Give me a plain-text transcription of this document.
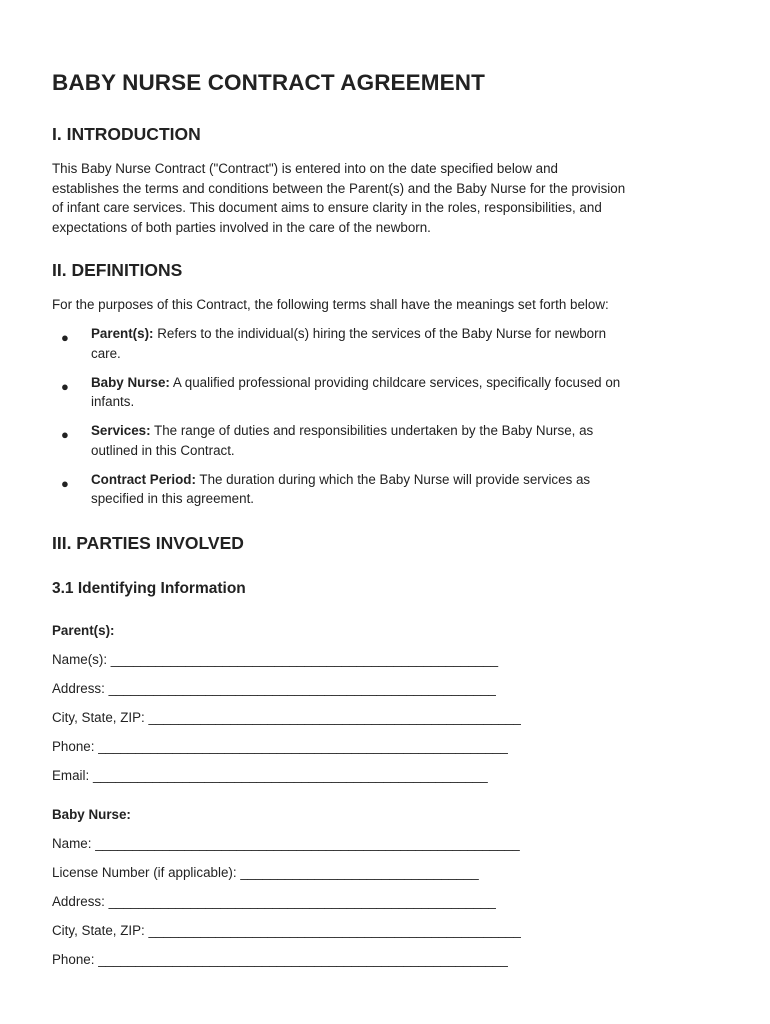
BABY NURSE CONTRACT AGREEMENT
I. INTRODUCTION

This Baby Nurse Contract ("Contract") is entered into on the date specified below and
establishes the terms and conditions between the Parent(s) and the Baby Nurse for the provision
of infant care services. This document aims to ensure clarity in the roles, responsibilities, and
expectations of both parties involved in the care of the newborn.

II. DEFINITIONS

For the purposes of this Contract, the following terms shall have the meanings set forth below:

● Parent(s): Refers to the individual(s) hiring the services of the Baby Nurse for newborn
care.
● Baby Nurse: A qualified professional providing childcare services, specifically focused on
infants.
● Services: The range of duties and responsibilities undertaken by the Baby Nurse, as
outlined in this Contract.
● Contract Period: The duration during which the Baby Nurse will provide services as
specified in this agreement.
III. PARTIES INVOLVED
3.1 Identifying Information

Parent(s):

Name(s): ____________________________________________________

Address: ____________________________________________________

City, State, ZIP: __________________________________________________

Phone: _______________________________________________________

Email: _____________________________________________________

Baby Nurse:

Name: _________________________________________________________

License Number (if applicable): ________________________________

Address: ____________________________________________________

City, State, ZIP: __________________________________________________

Phone: _______________________________________________________
